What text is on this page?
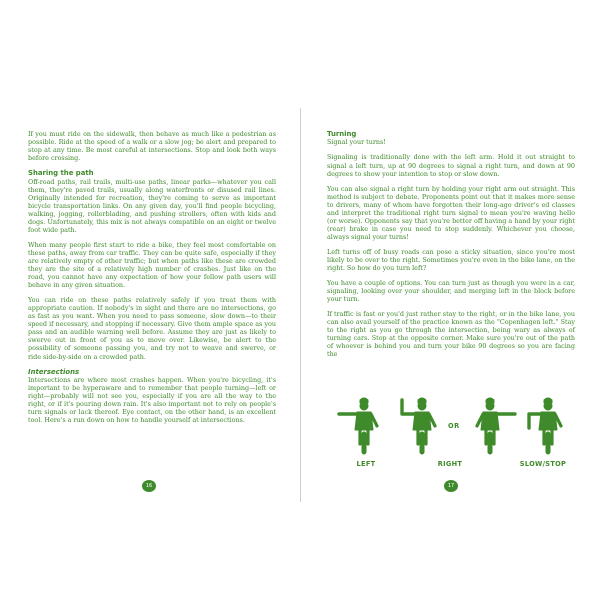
If you must ride on the sidewalk, then behave as much like a pedestrian as possible. Ride at the speed of a walk or a slow jog; be alert and prepared to stop at any time. Be most careful at intersections. Stop and look both ways before crossing.

Sharing the path
Off-road paths, rail trails, multi-use paths, linear parks—whatever you call them, they're paved trails, usually along waterfronts or disused rail lines. Originally intended for recreation, they're coming to serve as important bicycle transportation links. On any given day, you'll find people bicycling, walking, jogging, rollerblading, and pushing strollers, often with kids and dogs. Unfortunately, this mix is not always compatible on an eight or twelve foot wide path.

When many people first start to ride a bike, they feel most comfortable on these paths, away from car traffic. They can be quite safe, especially if they are relatively empty of other traffic; but when paths like these are crowded they are the site of a relatively high number of crashes. Just like on the road, you cannot have any expectation of how your fellow path users will behave in any given situation.

You can ride on these paths relatively safely if you treat them with appropriate caution. If nobody's in sight and there are no intersections, go as fast as you want. When you need to pass someone, slow down—to their speed if necessary, and stopping if necessary. Give them ample space as you pass and an audible warning well before. Assume they are just as likely to swerve out in front of you as to move over. Likewise, be alert to the possibility of someone passing you, and try not to weave and swerve, or ride side-by-side on a crowded path.

Intersections
Intersections are where most crashes happen. When you're bicycling, it's important to be hyperaware and to remember that people turning—left or right—probably will not see you, especially if you are all the way to the right, or if it's pouring down rain. It's also important not to rely on people's turn signals or lack thereof. Eye contact, on the other hand, is an excellent tool. Here's a run down on how to handle yourself at intersections.

16

Turning
Signal your turns!

Signaling is traditionally done with the left arm. Hold it out straight to signal a left turn, up at 90 degrees to signal a right turn, and down at 90 degrees to show your intention to stop or slow down.

You can also signal a right turn by holding your right arm out straight. This method is subject to debate. Proponents point out that it makes more sense to drivers, many of whom have forgotten their long-ago driver's ed classes and interpret the traditional right turn signal to mean you're waving hello (or worse). Opponents say that you're better off having a hand by your right (rear) brake in case you need to stop suddenly. Whichever you choose, always signal your turns!

Left turns off of busy roads can pose a sticky situation, since you're most likely to be over to the right. Sometimes you're even in the bike lane, on the right. So how do you turn left?

You have a couple of options. You can turn just as though you were in a car, signaling, looking over your shoulder, and merging left in the block before your turn.

If traffic is fast or you'd just rather stay to the right, or in the bike lane, you can also avail yourself of the practice known as the "Copenhagen left." Stay to the right as you go through the intersection, being wary as always of turning cars. Stop at the opposite corner. Make sure you're out of the path of whoever is behind you and turn your bike 90 degrees so you are facing the

OR
LEFT	RIGHT	SLOW/STOP
17
